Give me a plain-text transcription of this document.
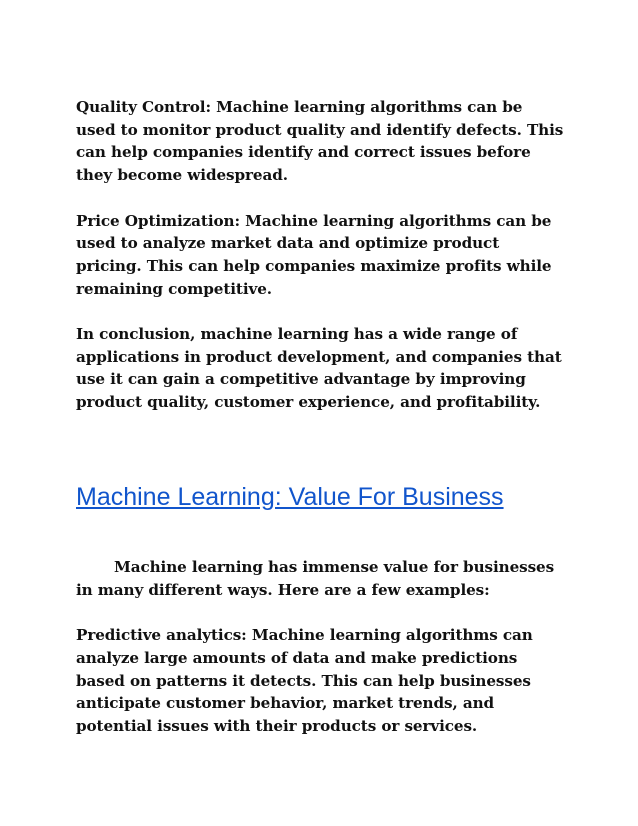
Quality Control: Machine learning algorithms can be used to monitor product quality and identify defects. This can help companies identify and correct issues before they become widespread.

Price Optimization: Machine learning algorithms can be used to analyze market data and optimize product pricing. This can help companies maximize profits while remaining competitive.

In conclusion, machine learning has a wide range of applications in product development, and companies that use it can gain a competitive advantage by improving product quality, customer experience, and profitability.

Machine Learning: Value For Business

Machine learning has immense value for businesses in many different ways. Here are a few examples:

Predictive analytics: Machine learning algorithms can analyze large amounts of data and make predictions based on patterns it detects. This can help businesses anticipate customer behavior, market trends, and potential issues with their products or services.
